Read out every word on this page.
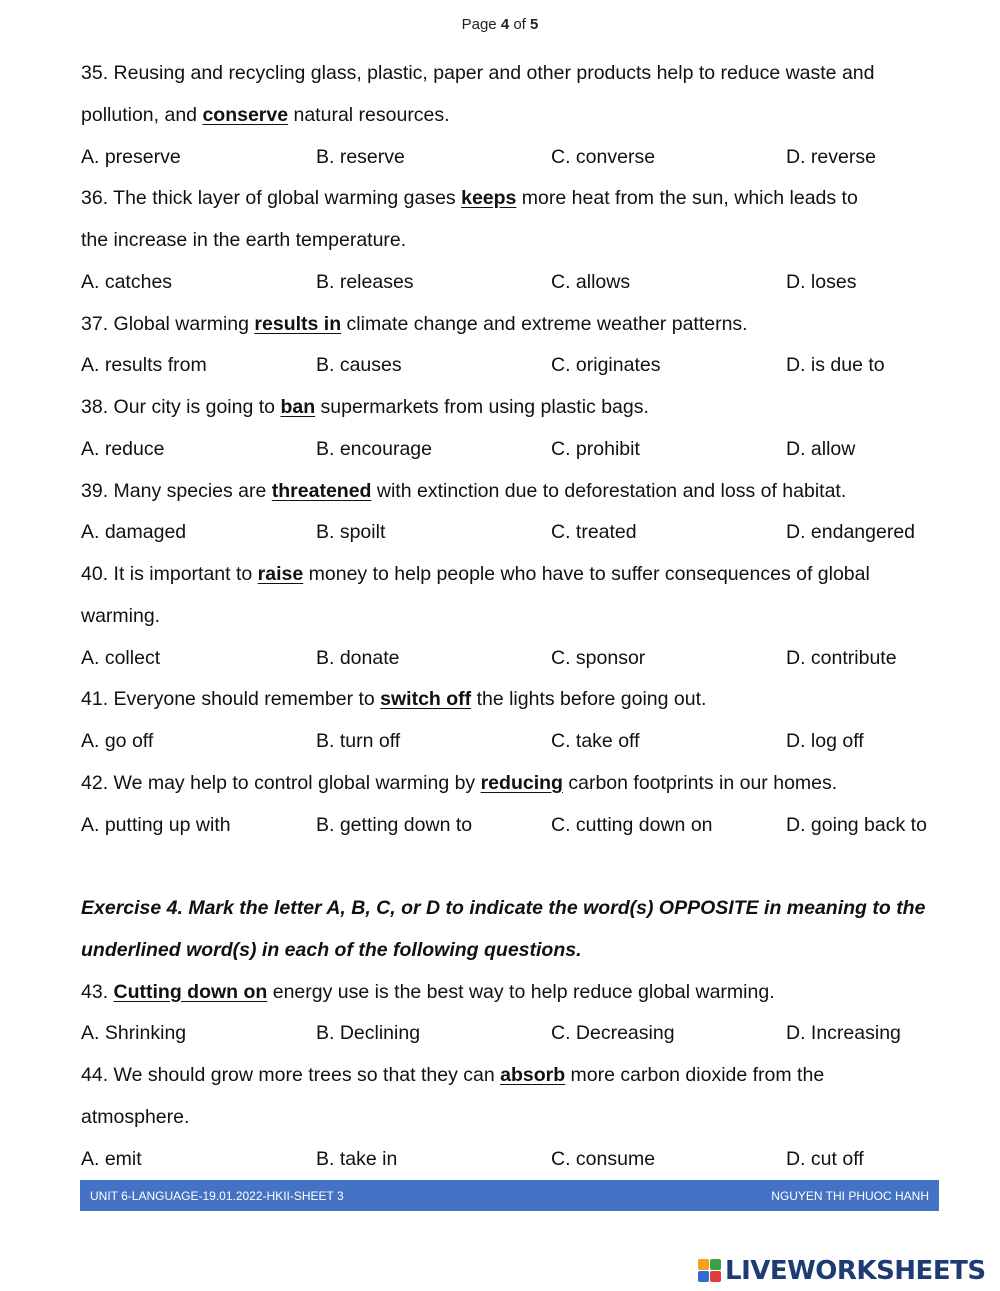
Page 4 of 5
35. Reusing and recycling glass, plastic, paper and other products help to reduce waste and
pollution, and conserve natural resources.
A. preserve	B. reserve	C. converse	D. reverse
36. The thick layer of global warming gases keeps more heat from the sun, which leads to
the increase in the earth temperature.
A. catches	B. releases	C. allows	D. loses
37. Global warming results in climate change and extreme weather patterns.
A. results from	B. causes	C. originates	D. is due to
38. Our city is going to ban supermarkets from using plastic bags.
A. reduce	B. encourage	C. prohibit	D. allow
39. Many species are threatened with extinction due to deforestation and loss of habitat.
A. damaged	B. spoilt	C. treated	D. endangered
40. It is important to raise money to help people who have to suffer consequences of global
warming.
A. collect	B. donate	C. sponsor	D. contribute
41. Everyone should remember to switch off the lights before going out.
A. go off	B. turn off	C. take off	D. log off
42. We may help to control global warming by reducing carbon footprints in our homes.
A. putting up with	B. getting down to	C. cutting down on	D. going back to
Exercise 4. Mark the letter A, B, C, or D to indicate the word(s) OPPOSITE in meaning to the
underlined word(s) in each of the following questions.
43. Cutting down on energy use is the best way to help reduce global warming.
A. Shrinking	B. Declining	C. Decreasing	D. Increasing
44. We should grow more trees so that they can absorb more carbon dioxide from the
atmosphere.
A. emit	B. take in	C. consume	D. cut off
UNIT 6-LANGUAGE-19.01.2022-HKII-SHEET 3	NGUYEN THI PHUOC HANH
LIVEWORKSHEETS
